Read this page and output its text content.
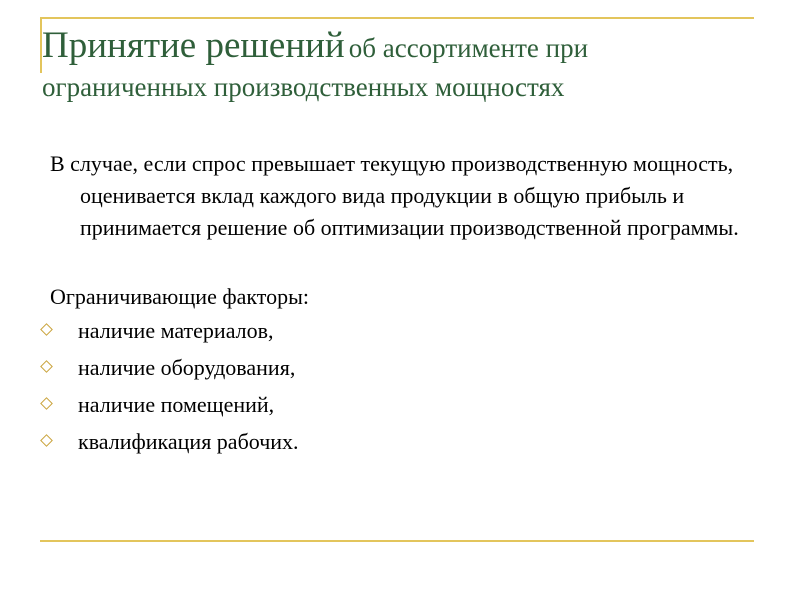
Принятие решений об ассортименте при
ограниченных производственных мощностях

В случае, если спрос превышает текущую производственную мощность, оценивается вклад каждого вида продукции в общую прибыль и принимается решение об оптимизации производственной программы.

Ограничивающие факторы:

наличие материалов,
наличие оборудования,
наличие помещений,
квалификация рабочих.
